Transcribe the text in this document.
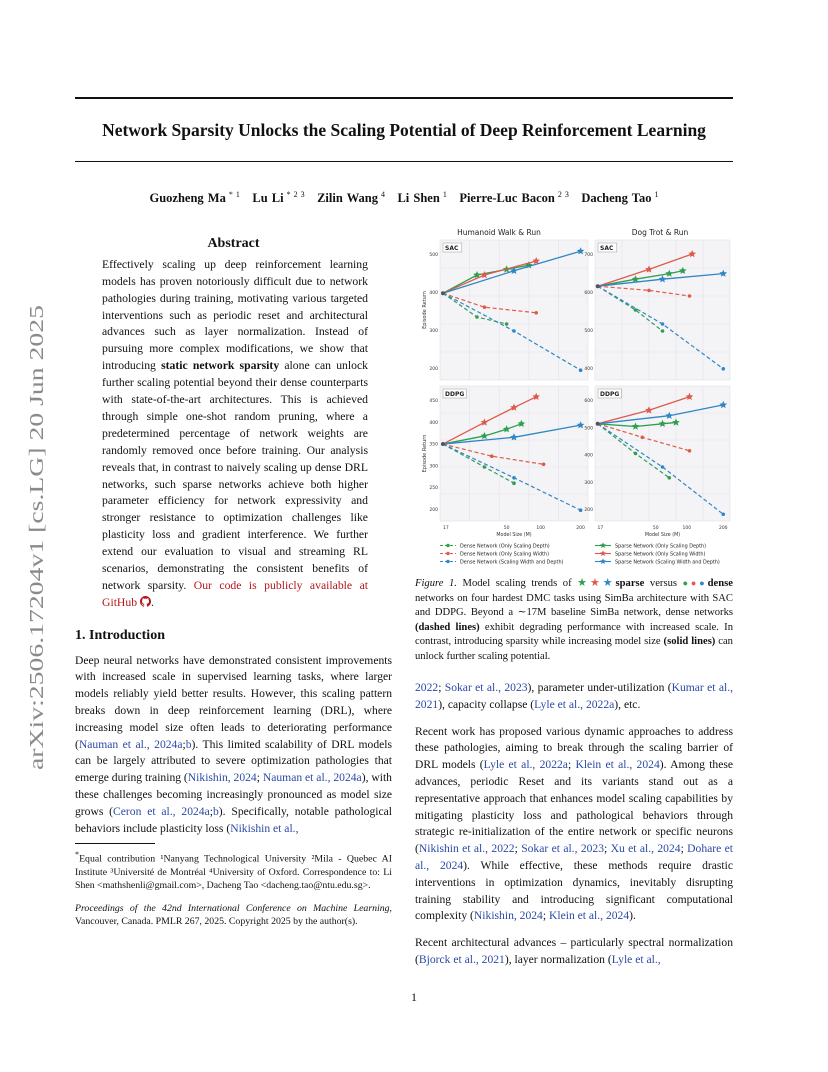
Network Sparsity Unlocks the Scaling Potential of Deep Reinforcement Learning
Guozheng Ma $^{* 1}$  Lu Li $^{* 2 3}$  Zilin Wang $^4$  Li Shen $^1$  Pierre-Luc Bacon $^{2 3}$  Dacheng Tao $^1$
arXiv:2506.17204v1 [cs.LG] 20 Jun 2025
Abstract
Effectively scaling up deep reinforcement learning models has proven notoriously difficult due to network pathologies during training, motivating various targeted interventions such as periodic reset and architectural advances such as layer normalization. Instead of pursuing more complex modifications, we show that introducing static network sparsity alone can unlock further scaling potential beyond their dense counterparts with state-of-the-art architectures. This is achieved through simple one-shot random pruning, where a predetermined percentage of network weights are randomly removed once before training. Our analysis reveals that, in contrast to naively scaling up dense DRL networks, such sparse networks achieve both higher parameter efficiency for network expressivity and stronger resistance to optimization challenges like plasticity loss and gradient interference. We further extend our evaluation to visual and streaming RL scenarios, demonstrating the consistent benefits of network sparsity. Our code is publicly available at GitHub .
1. Introduction

Deep neural networks have demonstrated consistent improvements with increased scale in supervised learning tasks, where larger models reliably yield better results. However, this scaling pattern breaks down in deep reinforcement learning (DRL), where increasing model size often leads to deteriorating performance (Nauman et al., 2024a;b). This limited scalability of DRL models can be largely attributed to severe optimization pathologies that emerge during training (Nikishin, 2024; Nauman et al., 2024a), with these challenges becoming increasingly pronounced as model size grows (Ceron et al., 2024a;b). Specifically, notable pathological behaviors include plasticity loss (Nikishin et al.,

*Equal contribution ¹Nanyang Technological University ²Mila - Quebec AI Institute ³Université de Montréal ⁴University of Oxford. Correspondence to: Li Shen <mathshenli@gmail.com>, Dacheng Tao <dacheng.tao@ntu.edu.sg>.

Proceedings of the 42nd International Conference on Machine Learning, Vancouver, Canada. PMLR 267, 2025. Copyright 2025 by the author(s).

Humanoid Walk & Run	Dog Trot & Run
SAC
500
400
300
200
Episode Return
SAC
700
600
500
400
DDPG
450
400
350
300
250
200
Episode Return
17	50	100	200
Model Size (M)
DDPG
600
500
400
300
200
17	50	100	200
Model Size (M)
Dense Network (Only Scaling Depth)	Sparse Network (Only Scaling Depth)
Dense Network (Only Scaling Width)	Sparse Network (Only Scaling Width)
Dense Network (Scaling Width and Depth)	Sparse Network (Scaling Width and Depth)
Figure 1. Model scaling trends of ★★★sparse versus ●●●dense networks on four hardest DMC tasks using SimBa architecture with SAC and DDPG. Beyond a ∼17M baseline SimBa network, dense networks (dashed lines) exhibit degrading performance with increased scale. In contrast, introducing sparsity while increasing model size (solid lines) can unlock further scaling potential.

2022; Sokar et al., 2023), parameter under-utilization (Kumar et al., 2021), capacity collapse (Lyle et al., 2022a), etc.

Recent work has proposed various dynamic approaches to address these pathologies, aiming to break through the scaling barrier of DRL models (Lyle et al., 2022a; Klein et al., 2024). Among these advances, periodic Reset and its variants stand out as a representative approach that enhances model scaling capabilities by mitigating plasticity loss and pathological behaviors through strategic re-initialization of the entire network or specific neurons (Nikishin et al., 2022; Sokar et al., 2023; Xu et al., 2024; Dohare et al., 2024). While effective, these methods require drastic interventions in optimization dynamics, inevitably disrupting training stability and introducing significant computational complexity (Nikishin, 2024; Klein et al., 2024).

Recent architectural advances – particularly spectral normalization (Bjorck et al., 2021), layer normalization (Lyle et al.,

1
